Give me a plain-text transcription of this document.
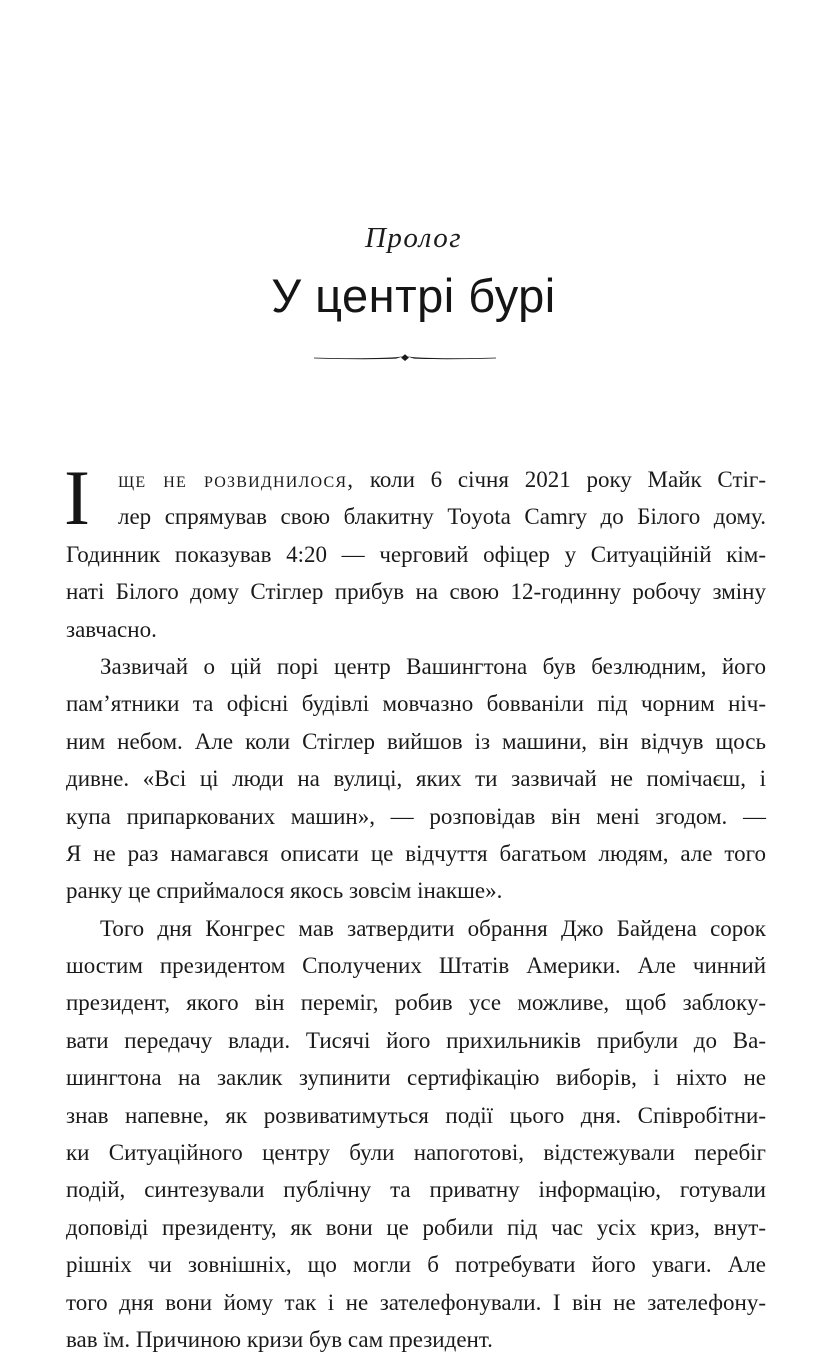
Пролог
У центрі бурі
І	ще не розвиднилося, коли 6 січня 2021 року Майк Стіг-
лер спрямував свою блакитну Toyota Camry до Білого дому.
Годинник показував 4:20 — черговий офіцер у Ситуаційній кім-
наті Білого дому Стіглер прибув на свою 12-годинну робочу зміну
завчасно.
Зазвичай о цій порі центр Вашингтона був безлюдним, його
пам’ятники та офісні будівлі мовчазно бовваніли під чорним ніч-
ним небом. Але коли Стіглер вийшов із машини, він відчув щось
дивне. «Всі ці люди на вулиці, яких ти зазвичай не помічаєш, і
купа припаркованих машин», — розповідав він мені згодом. —
Я не раз намагався описати це відчуття багатьом людям, але того
ранку це сприймалося якось зовсім інакше».
Того дня Конгрес мав затвердити обрання Джо Байдена сорок
шостим президентом Сполучених Штатів Америки. Але чинний
президент, якого він переміг, робив усе можливе, щоб заблоку-
вати передачу влади. Тисячі його прихильників прибули до Ва-
шингтона на заклик зупинити сертифікацію виборів, і ніхто не
знав напевне, як розвиватимуться події цього дня. Співробітни-
ки Ситуаційного центру були напоготові, відстежували перебіг
подій, синтезували публічну та приватну інформацію, готували
доповіді президенту, як вони це робили під час усіх криз, внут-
рішніх чи зовнішніх, що могли б потребувати його уваги. Але
того дня вони йому так і не зателефонували. І він не зателефону-
вав їм. Причиною кризи був сам президент.
